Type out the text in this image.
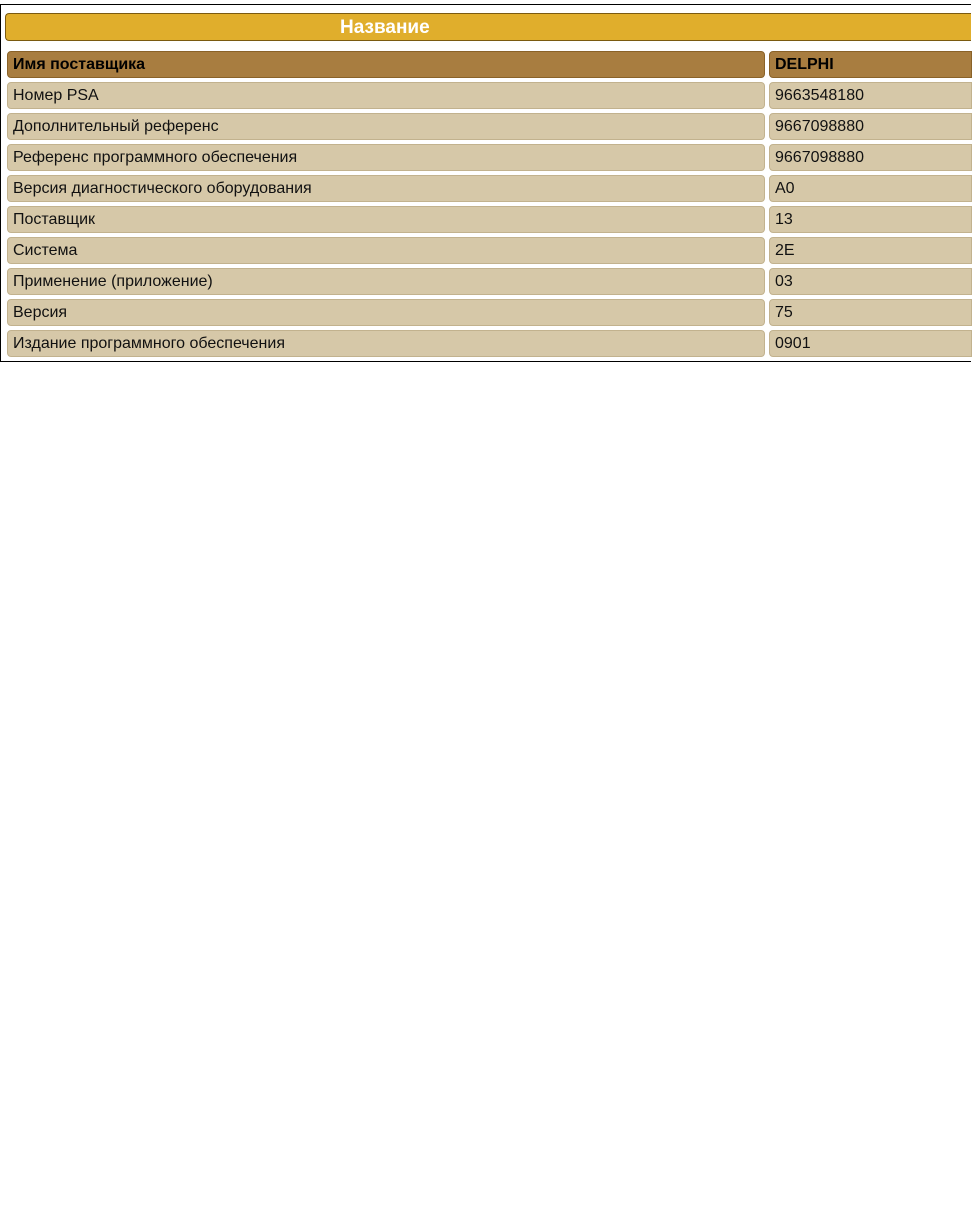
Название
Имя поставщика	DELPHI
Номер PSA	9663548180
Дополнительный референс	9667098880
Референс программного обеспечения	9667098880
Версия диагностического оборудования	A0
Поставщик	13
Система	2E
Применение (приложение)	03
Версия	75
Издание программного обеспечения	0901
